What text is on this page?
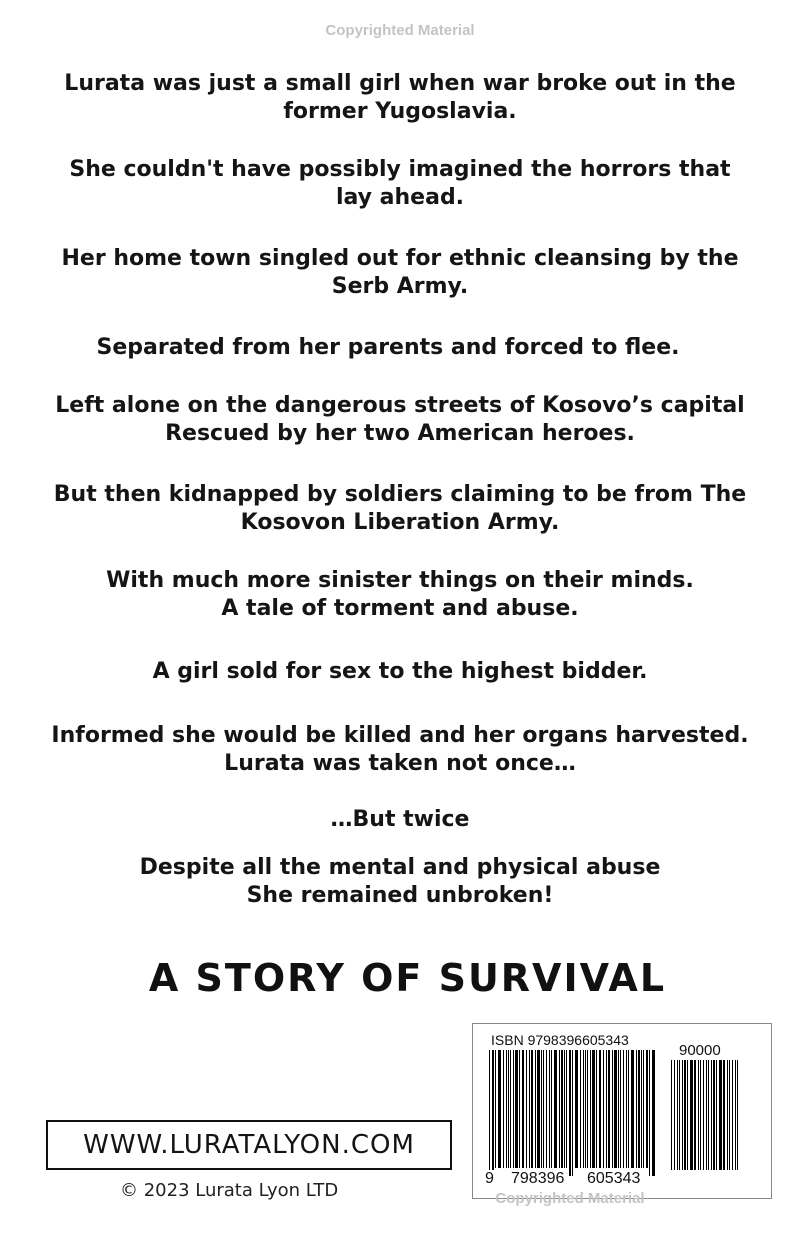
Copyrighted Material
Lurata was just a small girl when war broke out in the
former Yugoslavia.
She couldn't have possibly imagined the horrors that
lay ahead.
Her home town singled out for ethnic cleansing by the
Serb Army.
Separated from her parents and forced to flee.
Left alone on the dangerous streets of Kosovo’s capital
Rescued by her two American heroes.
But then kidnapped by soldiers claiming to be from The
Kosovon Liberation Army.
With much more sinister things on their minds.
A tale of torment and abuse.
A girl sold for sex to the highest bidder.
Informed she would be killed and her organs harvested.
Lurata was taken not once…
…But twice
Despite all the mental and physical abuse
She remained unbroken!
A STORY OF SURVIVAL
WWW.LURATALYON.COM
© 2023 Lurata Lyon LTD
ISBN 9798396605343
90000
9 798396 605343
Copyrighted Material
